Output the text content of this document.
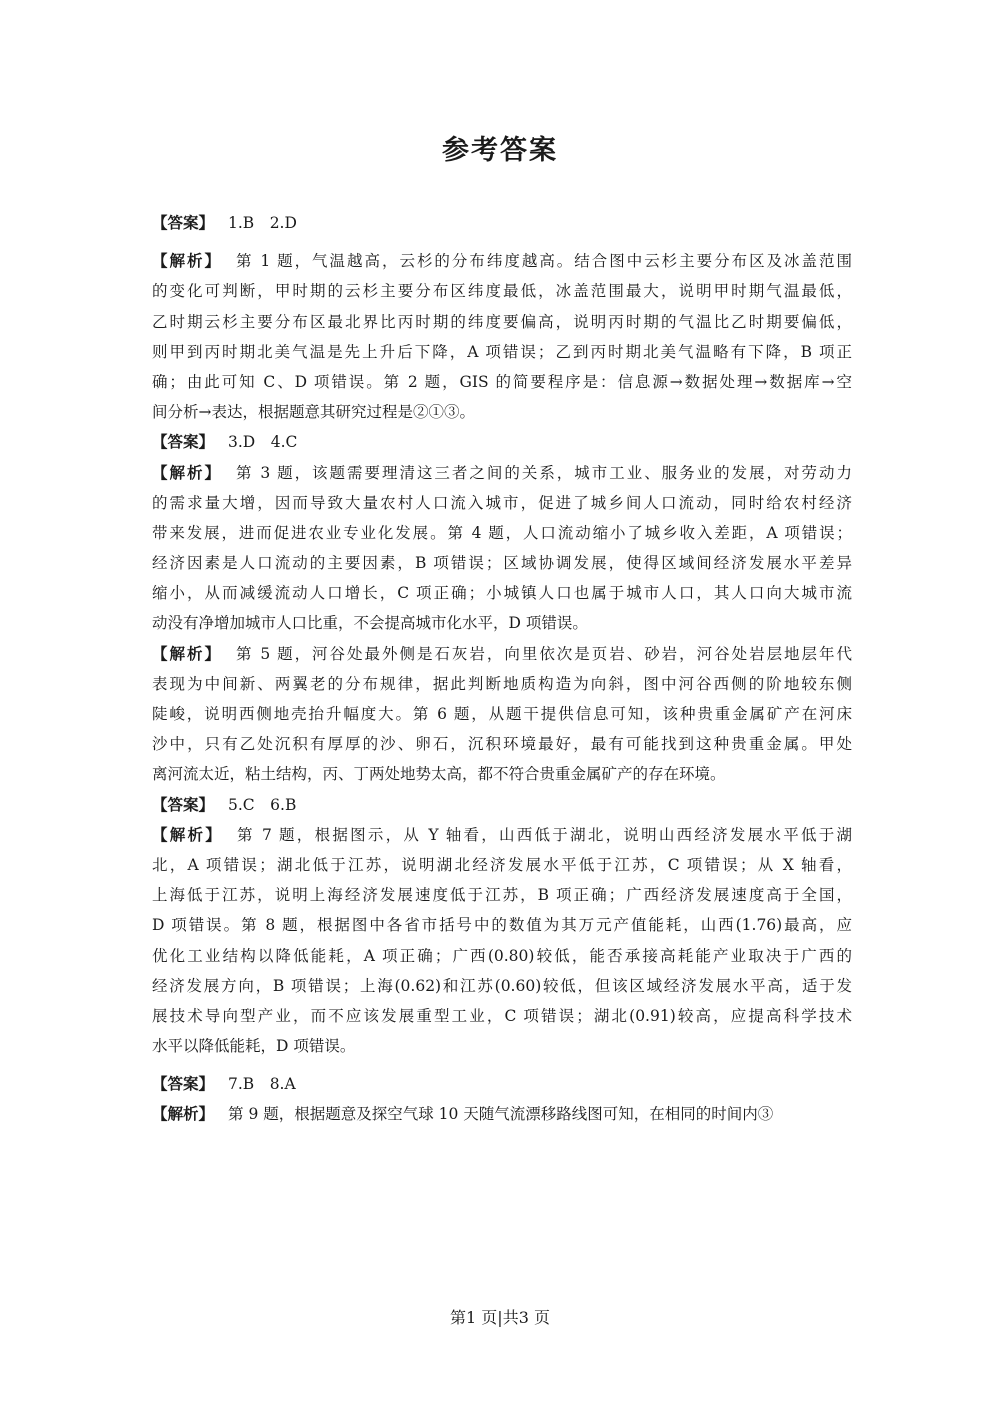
参考答案
【答案】 1.B　2.D
【解析】 第 1 题，气温越高，云杉的分布纬度越高。结合图中云杉主要分布区及冰盖范围
的变化可判断，甲时期的云杉主要分布区纬度最低，冰盖范围最大，说明甲时期气温最低，
乙时期云杉主要分布区最北界比丙时期的纬度要偏高，说明丙时期的气温比乙时期要偏低，
则甲到丙时期北美气温是先上升后下降，A 项错误；乙到丙时期北美气温略有下降，B 项正
确；由此可知 C、D 项错误。第 2 题，GIS 的简要程序是：信息源→数据处理→数据库→空
间分析→表达，根据题意其研究过程是②①③。
【答案】 3.D　4.C
【解析】 第 3 题，该题需要理清这三者之间的关系，城市工业、服务业的发展，对劳动力
的需求量大增，因而导致大量农村人口流入城市，促进了城乡间人口流动，同时给农村经济
带来发展，进而促进农业专业化发展。第 4 题，人口流动缩小了城乡收入差距，A 项错误；
经济因素是人口流动的主要因素，B 项错误；区域协调发展，使得区域间经济发展水平差异
缩小，从而减缓流动人口增长，C 项正确；小城镇人口也属于城市人口，其人口向大城市流
动没有净增加城市人口比重，不会提高城市化水平，D 项错误。
【解析】 第 5 题，河谷处最外侧是石灰岩，向里依次是页岩、砂岩，河谷处岩层地层年代
表现为中间新、两翼老的分布规律，据此判断地质构造为向斜，图中河谷西侧的阶地较东侧
陡峻，说明西侧地壳抬升幅度大。第 6 题，从题干提供信息可知，该种贵重金属矿产在河床
沙中，只有乙处沉积有厚厚的沙、卵石，沉积环境最好，最有可能找到这种贵重金属。甲处
离河流太近，粘土结构，丙、丁两处地势太高，都不符合贵重金属矿产的存在环境。
【答案】 5.C　6.B
【解析】 第 7 题，根据图示，从 Y 轴看，山西低于湖北，说明山西经济发展水平低于湖
北，A 项错误；湖北低于江苏，说明湖北经济发展水平低于江苏，C 项错误；从 X 轴看，
上海低于江苏，说明上海经济发展速度低于江苏，B 项正确；广西经济发展速度高于全国，
D 项错误。第 8 题，根据图中各省市括号中的数值为其万元产值能耗，山西(1.76)最高，应
优化工业结构以降低能耗，A 项正确；广西(0.80)较低，能否承接高耗能产业取决于广西的
经济发展方向，B 项错误；上海(0.62)和江苏(0.60)较低，但该区域经济发展水平高，适于发
展技术导向型产业，而不应该发展重型工业，C 项错误；湖北(0.91)较高，应提高科学技术
水平以降低能耗，D 项错误。
【答案】 7.B　8.A
【解析】 第 9 题，根据题意及探空气球 10 天随气流漂移路线图可知，在相同的时间内③
第1 页|共3 页
